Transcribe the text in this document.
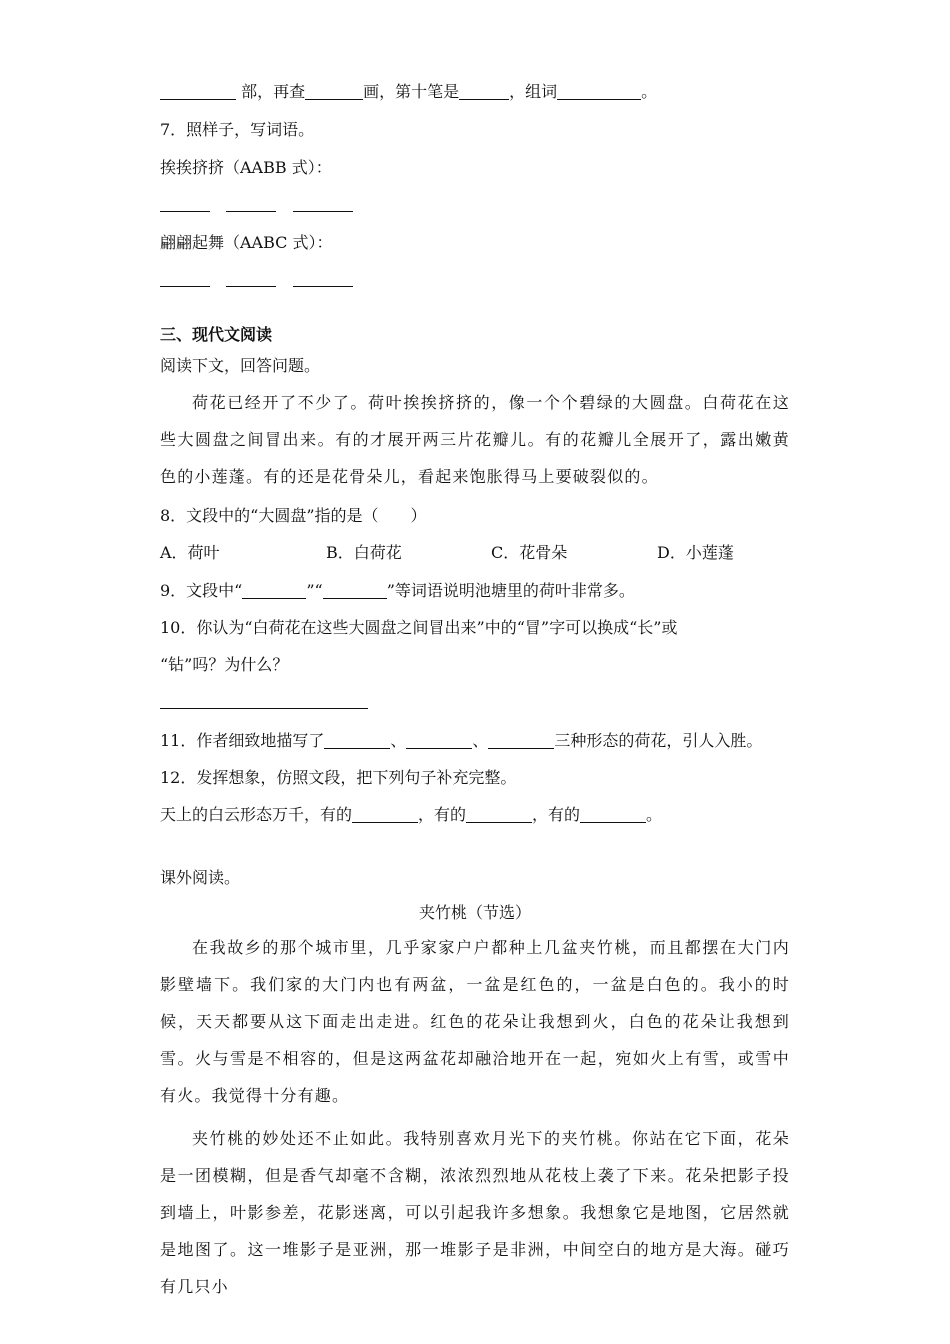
部，再查	画，第十笔是	，组词	。
7．照样子，写词语。
挨挨挤挤（AABB 式）：
翩翩起舞（AABC 式）：
三、现代文阅读
阅读下文，回答问题。
荷花已经开了不少了。荷叶挨挨挤挤的，像一个个碧绿的大圆盘。白荷花在这些大圆盘之间冒出来。有的才展开两三片花瓣儿。有的花瓣儿全展开了，露出嫩黄色的小莲蓬。有的还是花骨朵儿，看起来饱胀得马上要破裂似的。
8．文段中的“大圆盘”指的是（　　）
A．荷叶	B．白荷花	C．花骨朵	D．小莲蓬
9．文段中“	”“	”等词语说明池塘里的荷叶非常多。
10．你认为“白荷花在这些大圆盘之间冒出来”中的“冒”字可以换成“长”或
“钻”吗？为什么？
11．作者细致地描写了	、	、	三种形态的荷花，引人入胜。
12．发挥想象，仿照文段，把下列句子补充完整。
天上的白云形态万千，有的	，有的	，有的	。
课外阅读。
夹竹桃（节选）
在我故乡的那个城市里，几乎家家户户都种上几盆夹竹桃，而且都摆在大门内影壁墙下。我们家的大门内也有两盆，一盆是红色的，一盆是白色的。我小的时候，天天都要从这下面走出走进。红色的花朵让我想到火，白色的花朵让我想到雪。火与雪是不相容的，但是这两盆花却融洽地开在一起，宛如火上有雪，或雪中有火。我觉得十分有趣。
夹竹桃的妙处还不止如此。我特别喜欢月光下的夹竹桃。你站在它下面，花朵是一团模糊，但是香气却毫不含糊，浓浓烈烈地从花枝上袭了下来。花朵把影子投到墙上，叶影参差，花影迷离，可以引起我许多想象。我想象它是地图，它居然就是地图了。这一堆影子是亚洲，那一堆影子是非洲，中间空白的地方是大海。碰巧有几只小
